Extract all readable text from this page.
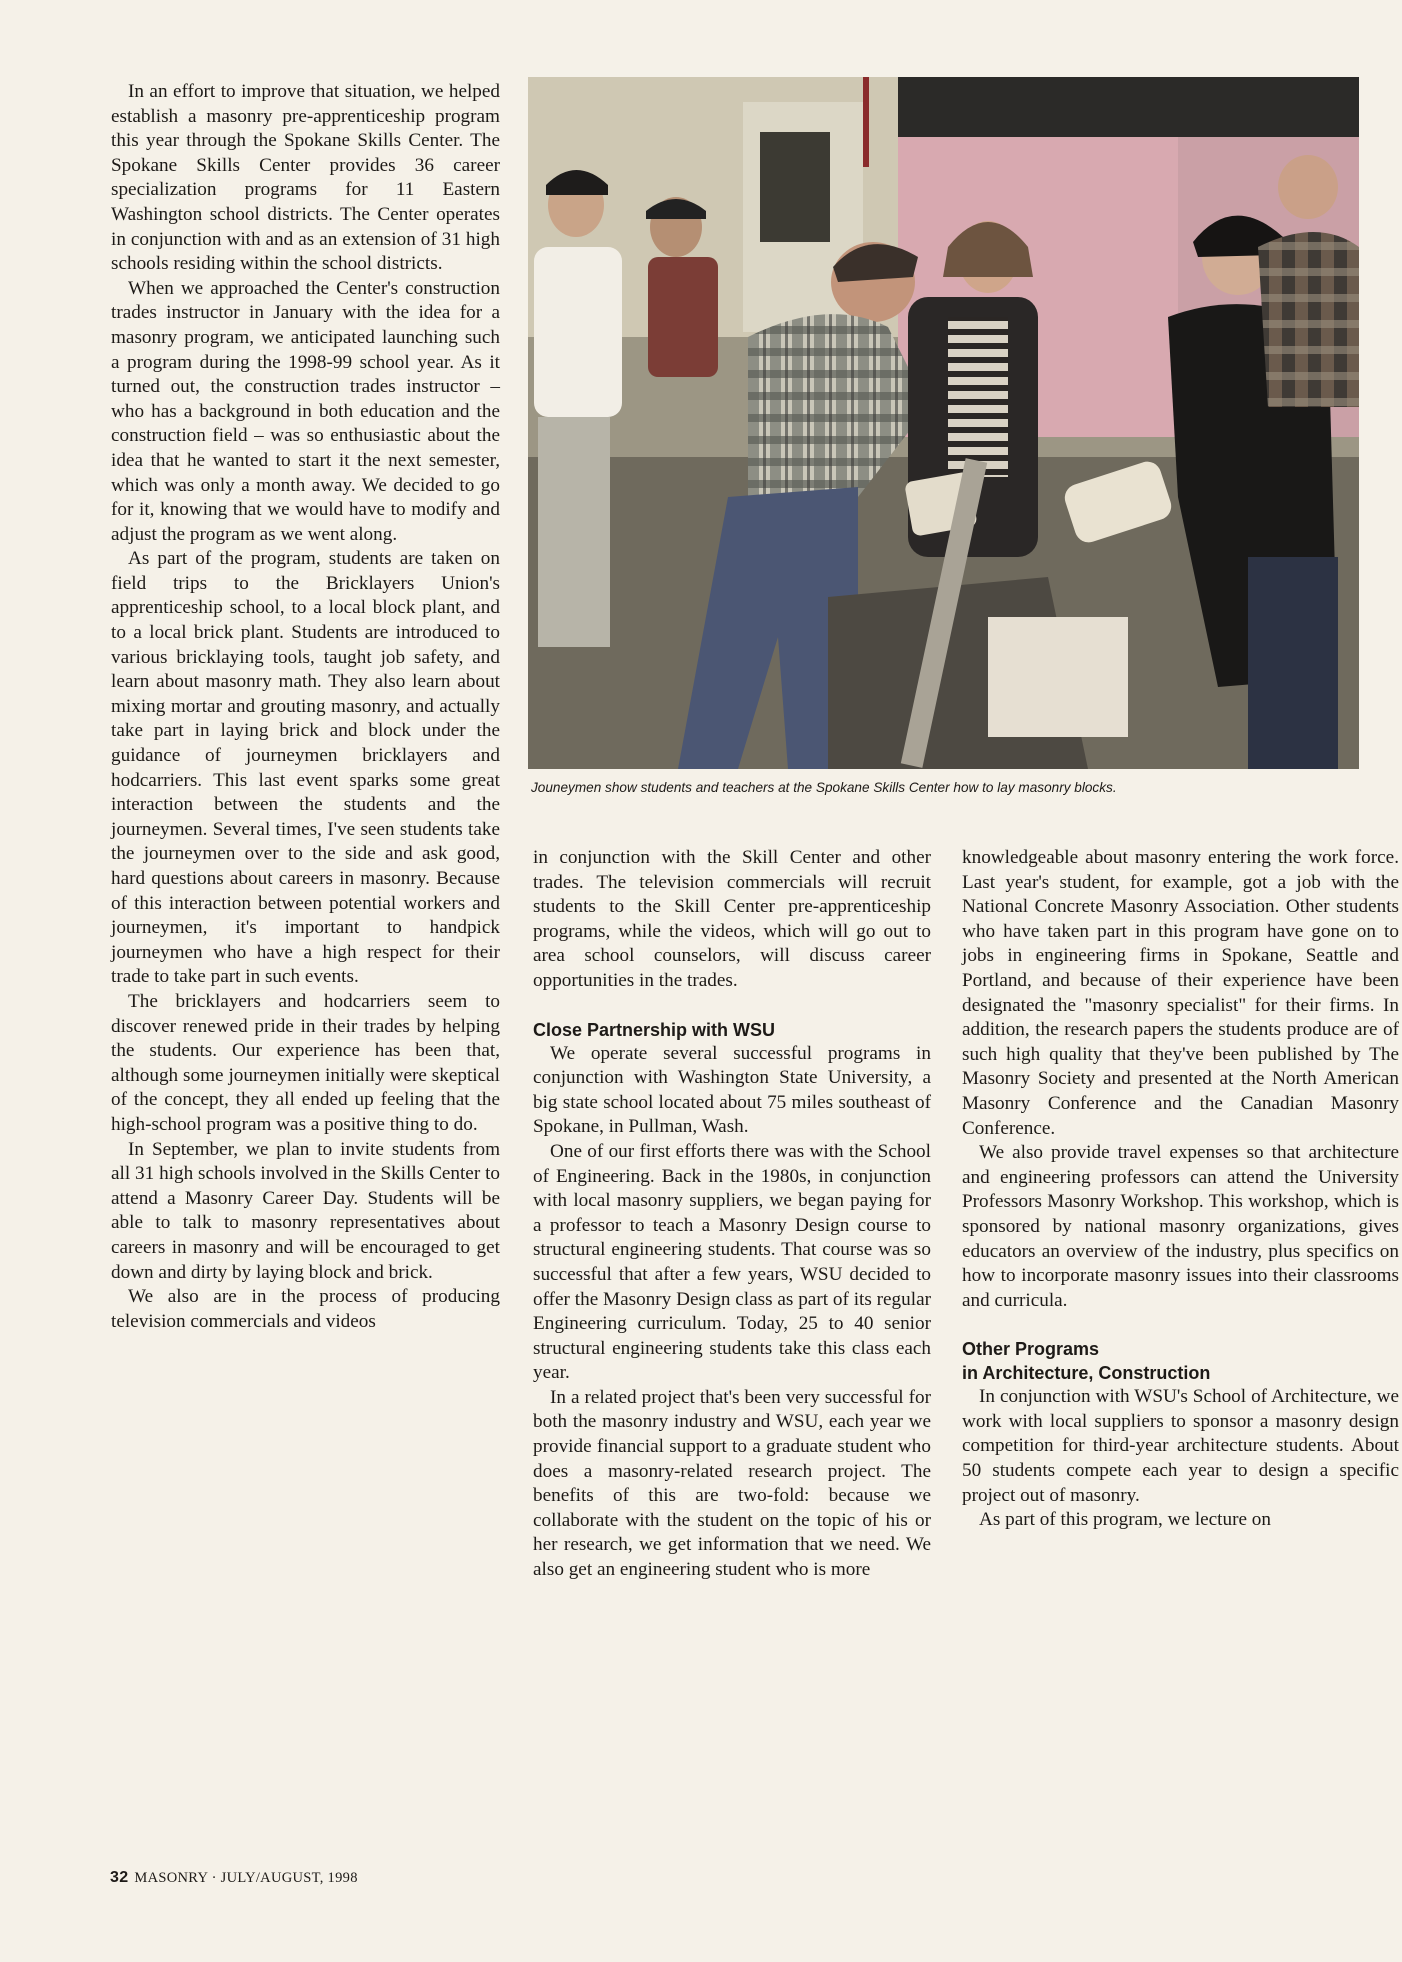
In an effort to improve that situation, we helped establish a masonry pre-apprenticeship program this year through the Spokane Skills Center. The Spokane Skills Center provides 36 career specialization programs for 11 Eastern Washington school districts. The Center operates in conjunction with and as an extension of 31 high schools residing within the school districts.

When we approached the Center's construction trades instructor in January with the idea for a masonry program, we anticipated launching such a program during the 1998-99 school year. As it turned out, the construction trades instructor – who has a background in both education and the construction field – was so enthusiastic about the idea that he wanted to start it the next semester, which was only a month away. We decided to go for it, knowing that we would have to modify and adjust the program as we went along.

As part of the program, students are taken on field trips to the Bricklayers Union's apprenticeship school, to a local block plant, and to a local brick plant. Students are introduced to various bricklaying tools, taught job safety, and learn about masonry math. They also learn about mixing mortar and grouting masonry, and actually take part in laying brick and block under the guidance of journeymen bricklayers and hodcarriers. This last event sparks some great interaction between the students and the journeymen. Several times, I've seen students take the journeymen over to the side and ask good, hard questions about careers in masonry. Because of this interaction between potential workers and journeymen, it's important to handpick journeymen who have a high respect for their trade to take part in such events.

The bricklayers and hodcarriers seem to discover renewed pride in their trades by helping the students. Our experience has been that, although some journeymen initially were skeptical of the concept, they all ended up feeling that the high-school program was a positive thing to do.

In September, we plan to invite students from all 31 high schools involved in the Skills Center to attend a Masonry Career Day. Students will be able to talk to masonry representatives about careers in masonry and will be encouraged to get down and dirty by laying block and brick.

We also are in the process of producing television commercials and videos

Jouneymen show students and teachers at the Spokane Skills Center how to lay masonry blocks.

in conjunction with the Skill Center and other trades. The television commercials will recruit students to the Skill Center pre-apprenticeship programs, while the videos, which will go out to area school counselors, will discuss career opportunities in the trades.

Close Partnership with WSU

We operate several successful programs in conjunction with Washington State University, a big state school located about 75 miles southeast of Spokane, in Pullman, Wash.

One of our first efforts there was with the School of Engineering. Back in the 1980s, in conjunction with local masonry suppliers, we began paying for a professor to teach a Masonry Design course to structural engineering students. That course was so successful that after a few years, WSU decided to offer the Masonry Design class as part of its regular Engineering curriculum. Today, 25 to 40 senior structural engineering students take this class each year.

In a related project that's been very successful for both the masonry industry and WSU, each year we provide financial support to a graduate student who does a masonry-related research project. The benefits of this are two-fold: because we collaborate with the student on the topic of his or her research, we get information that we need. We also get an engineering student who is more

knowledgeable about masonry entering the work force. Last year's student, for example, got a job with the National Concrete Masonry Association. Other students who have taken part in this program have gone on to jobs in engineering firms in Spokane, Seattle and Portland, and because of their experience have been designated the "masonry specialist" for their firms. In addition, the research papers the students produce are of such high quality that they've been published by The Masonry Society and presented at the North American Masonry Conference and the Canadian Masonry Conference.

We also provide travel expenses so that architecture and engineering professors can attend the University Professors Masonry Workshop. This workshop, which is sponsored by national masonry organizations, gives educators an overview of the industry, plus specifics on how to incorporate masonry issues into their classrooms and curricula.

Other Programs
in Architecture, Construction

In conjunction with WSU's School of Architecture, we work with local suppliers to sponsor a masonry design competition for third-year architecture students. About 50 students compete each year to design a specific project out of masonry.

As part of this program, we lecture on

32 MASONRY · JULY/AUGUST, 1998
